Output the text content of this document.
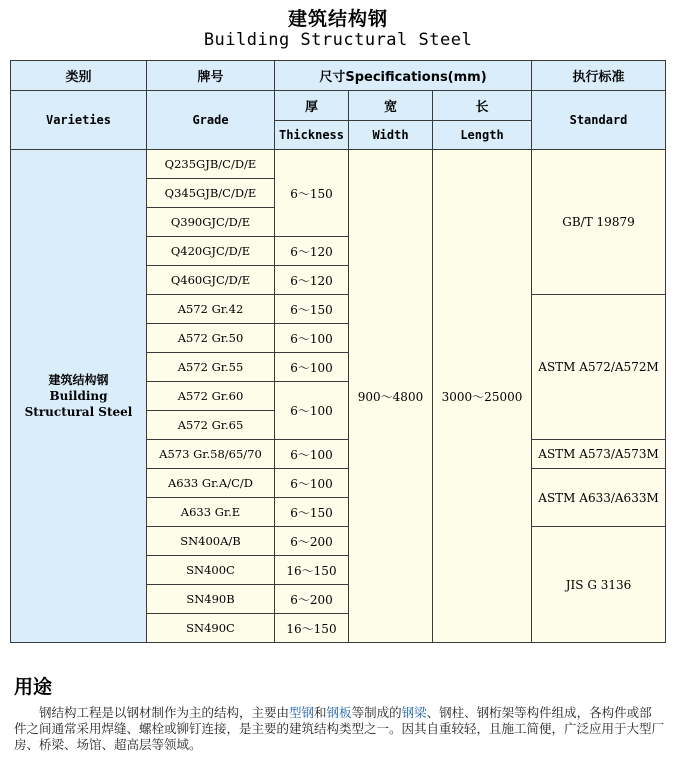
建筑结构钢
Building Structural Steel
类别	牌号	尺寸Specifications(mm)			执行标准
Varieties	Grade	厚	宽	长	Standard
		Thickness	Width	Length	

建筑结构钢
Building
Structural Steel	Q235GJB/C/D/E	6～150	900～4800	3000～25000	GB/T 19879
	Q345GJB/C/D/E				
	Q390GJC/D/E				
	Q420GJC/D/E	6～120			
	Q460GJC/D/E	6～120			
	A572 Gr.42	6～150			ASTM A572/A572M
	A572 Gr.50	6～100			
	A572 Gr.55	6～100			
	A572 Gr.60	6～100			
	A572 Gr.65				
	A573 Gr.58/65/70	6～100			ASTM A573/A573M
	A633 Gr.A/C/D	6～100			ASTM A633/A633M
	A633 Gr.E	6～150			
	SN400A/B	6～200			JIS G 3136
	SN400C	16～150			
	SN490B	6～200			
	SN490C	16～150			
用途
钢结构工程是以钢材制作为主的结构，主要由型钢和钢板等制成的钢梁、钢柱、钢桁架等构件组成，各构件或部件之间通常采用焊缝、螺栓或铆钉连接，是主要的建筑结构类型之一。因其自重较轻，且施工简便，广泛应用于大型厂房、桥梁、场馆、超高层等领域。
